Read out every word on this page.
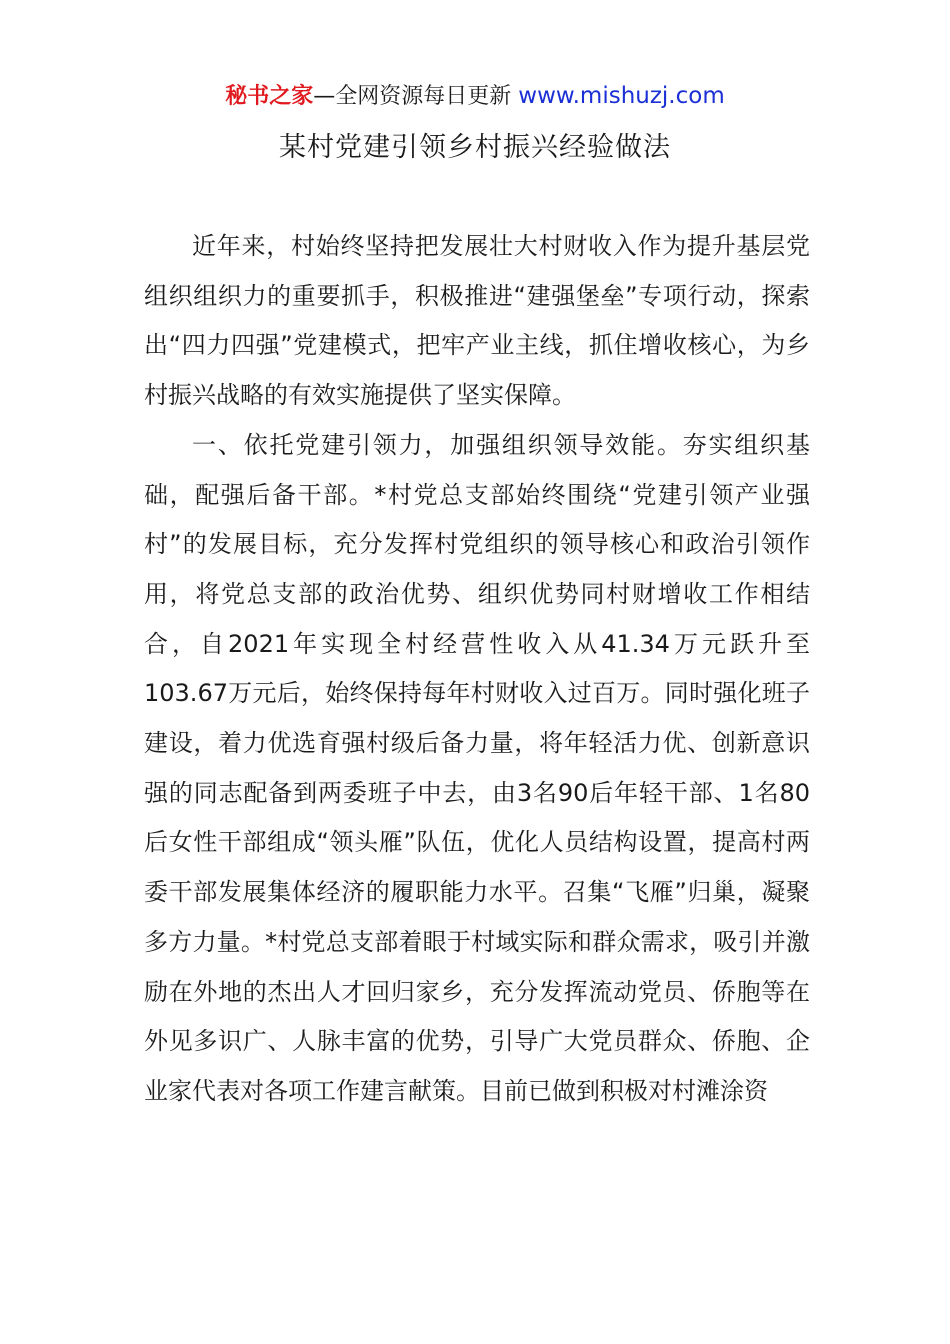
秘书之家—全网资源每日更新 www.mishuzj.com
某村党建引领乡村振兴经验做法

近年来，村始终坚持把发展壮大村财收入作为提升基层党组织组织力的重要抓手，积极推进“建强堡垒”专项行动，探索出“四力四强”党建模式，把牢产业主线，抓住增收核心，为乡村振兴战略的有效实施提供了坚实保障。

一、依托党建引领力，加强组织领导效能。夯实组织基础，配强后备干部。*村党总支部始终围绕“党建引领产业强村”的发展目标，充分发挥村党组织的领导核心和政治引领作用，将党总支部的政治优势、组织优势同村财增收工作相结合，自2021年实现全村经营性收入从41.34万元跃升至103.67万元后，始终保持每年村财收入过百万。同时强化班子建设，着力优选育强村级后备力量，将年轻活力优、创新意识强的同志配备到两委班子中去，由3名90后年轻干部、1名80后女性干部组成“领头雁”队伍，优化人员结构设置，提高村两委干部发展集体经济的履职能力水平。召集“飞雁”归巢，凝聚多方力量。*村党总支部着眼于村域实际和群众需求，吸引并激励在外地的杰出人才回归家乡，充分发挥流动党员、侨胞等在外见多识广、人脉丰富的优势，引导广大党员群众、侨胞、企业家代表对各项工作建言献策。目前已做到积极对村滩涂资
